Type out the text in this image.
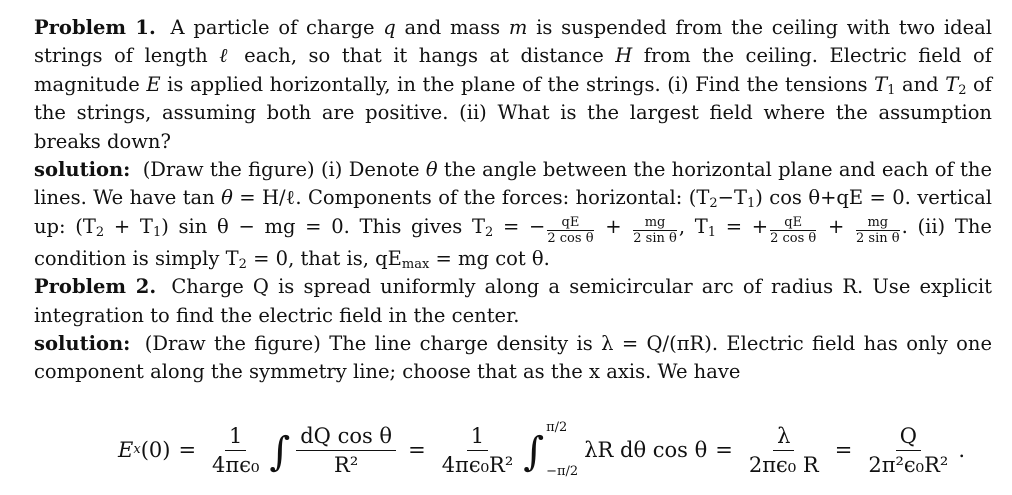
Problem 1. A particle of charge q and mass m is suspended from the ceiling with two ideal strings of length ℓ each, so that it hangs at distance H from the ceiling. Electric field of magnitude E is applied horizontally, in the plane of the strings. (i) Find the tensions $T_1$ and $T_2$ of the strings, assuming both are positive. (ii) What is the largest field where the assumption breaks down?

solution: (Draw the figure) (i) Denote θ the angle between the horizontal plane and each of the lines. We have tan θ = H/ℓ. Components of the forces: horizontal: $(T_2-T_1)$ cos θ+qE = 0. vertical up: $(T_2 + T_1)$ sin θ − mg = 0. This gives $T_2$ = − $\frac{qE}{\text{2 cos θ}} + \frac{mg}{\text{2 sin θ}}$ , $T_1$ = + $\frac{qE}{\text{2 cos θ}} + \frac{mg}{\text{2 sin θ}}$ . (ii) The condition is simply $T_2 = 0$, that is, $qE_{max}$ = mg cot θ.

Problem 2. Charge Q is spread uniformly along a semicircular arc of radius R. Use explicit integration to find the electric field in the center.

solution: (Draw the figure) The line charge density is λ = Q/(πR). Electric field has only one component along the symmetry line; choose that as the x axis. We have

E x $(0) = \frac{1}{\text{4πϵ₀}}$ ∫ $\frac{\text{dQ cos θ}}{\text{R²}} = \frac{1}{\text{4πϵ₀R²}}$ ∫
π/2
−π/2
λR dθ $\cos \theta = \frac{\lambda}{\text{2πϵ₀ R}} = \frac{Q}{\text{2π²ϵ₀R²}}$ .
